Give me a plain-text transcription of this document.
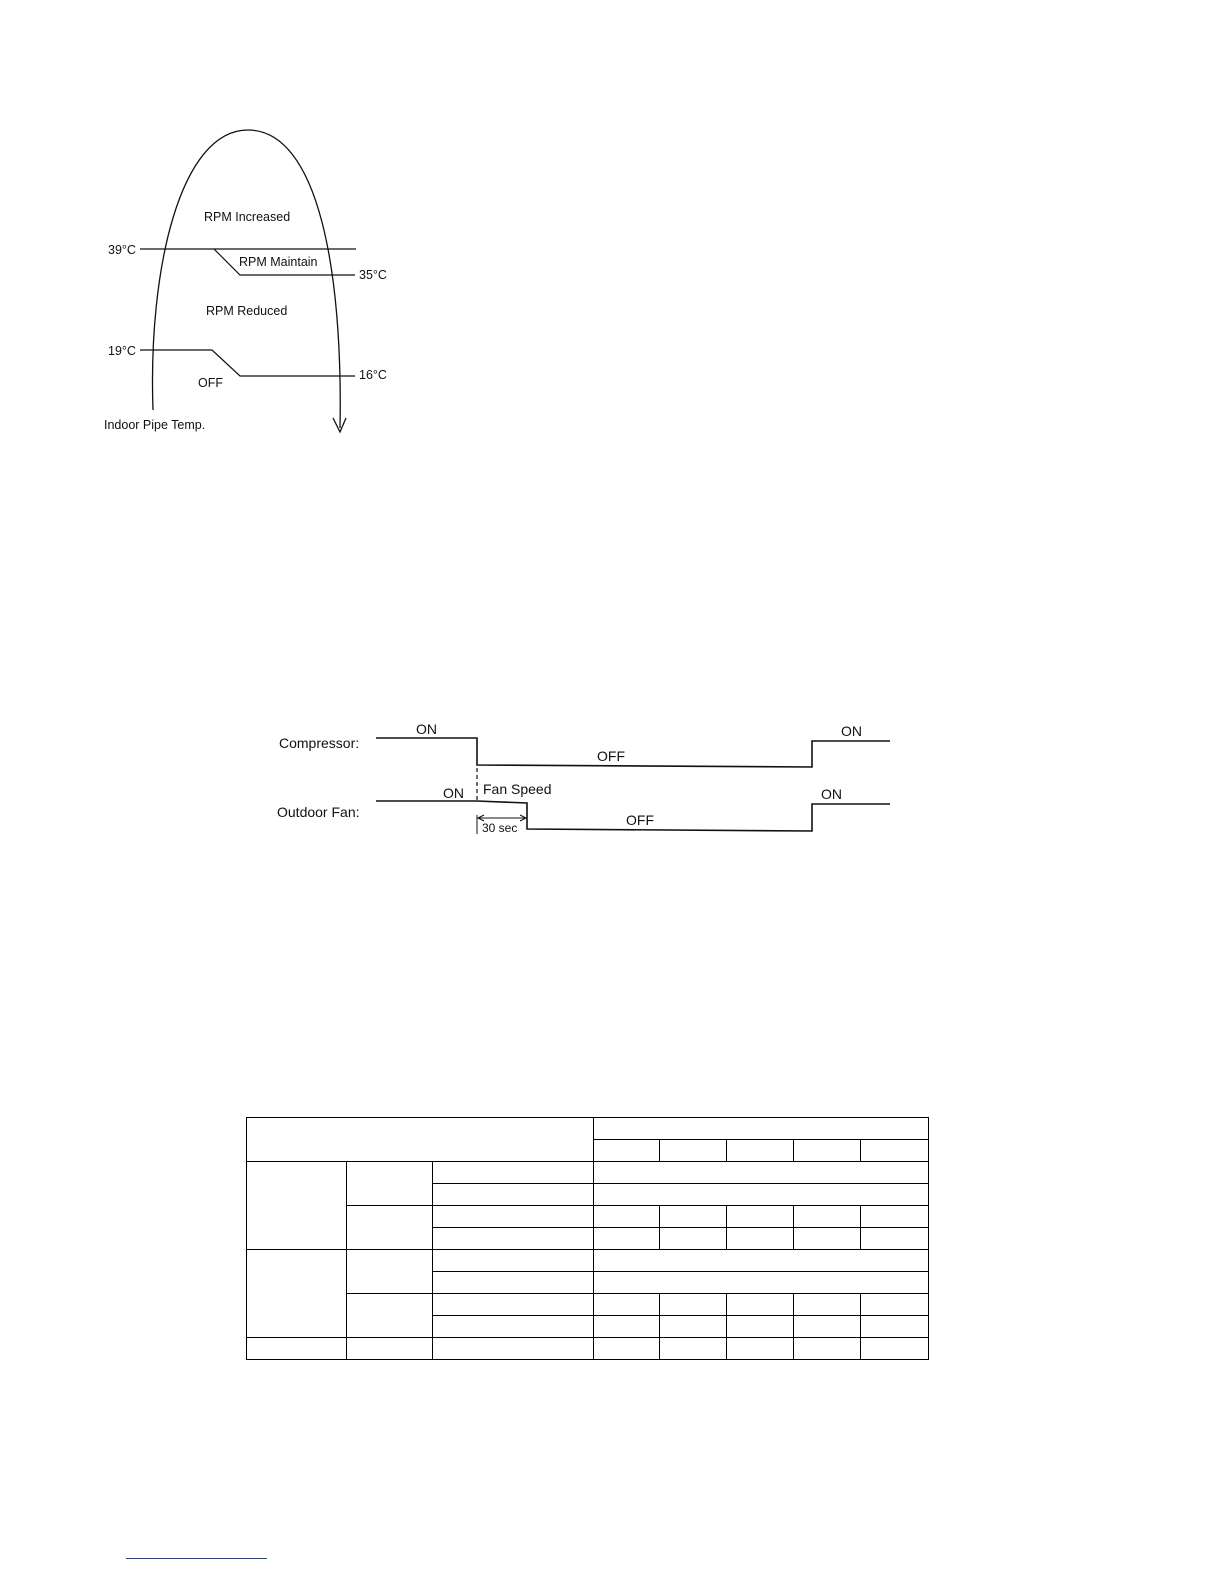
RPM Increased
RPM Maintain
RPM Reduced
OFF
39°C
35°C
19°C
16°C
Indoor Pipe Temp.
Compressor:
Outdoor Fan:
ON
OFF
ON
ON Fan Speed
30 sec	OFF
ON
